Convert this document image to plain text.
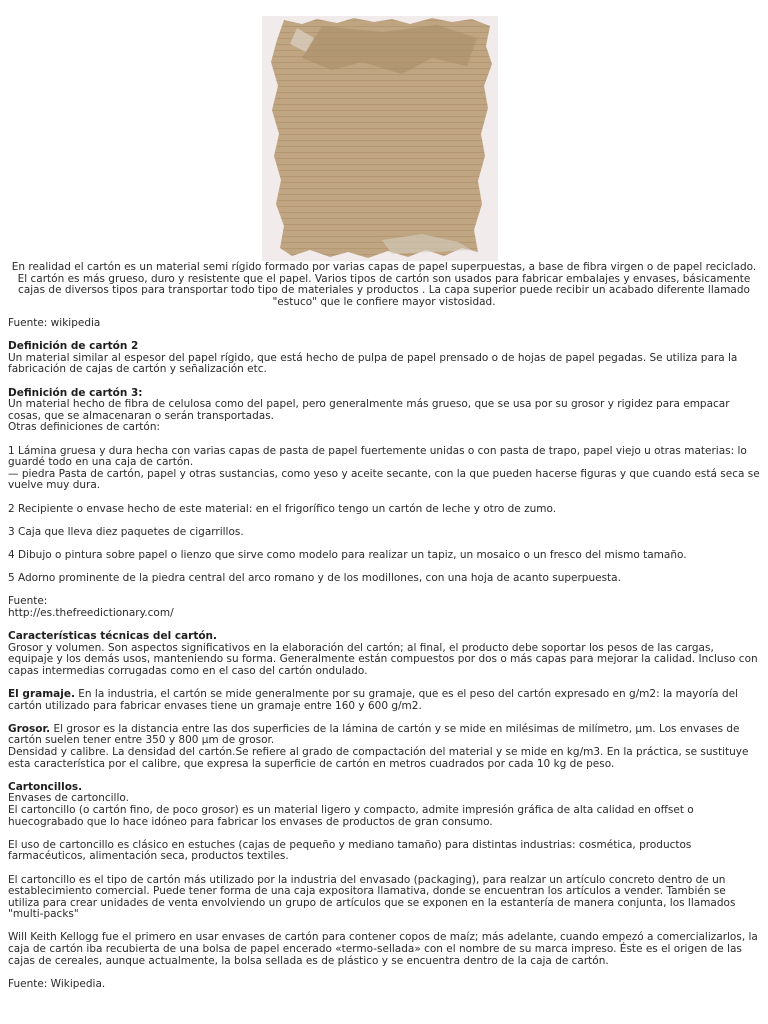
En realidad el cartón es un material semi rígido formado por varias capas de papel superpuestas, a base de fibra virgen o de papel reciclado. El cartón es más grueso, duro y resistente que el papel. Varios tipos de cartón son usados para fabricar embalajes y envases, básicamente cajas de diversos tipos para transportar todo tipo de materiales y productos . La capa superior puede recibir un acabado diferente llamado "estuco" que le confiere mayor vistosidad.

Fuente: wikipedia

Definición de cartón 2

Un material similar al espesor del papel rígido, que está hecho de pulpa de papel prensado o de hojas de papel pegadas. Se utiliza para la fabricación de cajas de cartón y señalización etc.

Definición de cartón 3:

Un material hecho de fibra de celulosa como del papel, pero generalmente más grueso, que se usa por su grosor y rigidez para empacar cosas, que se almacenaran o serán transportadas.
Otras definiciones de cartón:

1 Lámina gruesa y dura hecha con varias capas de pasta de papel fuertemente unidas o con pasta de trapo, papel viejo u otras materias: lo guardé todo en una caja de cartón.
— piedra Pasta de cartón, papel y otras sustancias, como yeso y aceite secante, con la que pueden hacerse figuras y que cuando está seca se vuelve muy dura.

2 Recipiente o envase hecho de este material: en el frigorífico tengo un cartón de leche y otro de zumo.

3 Caja que lleva diez paquetes de cigarrillos.

4 Dibujo o pintura sobre papel o lienzo que sirve como modelo para realizar un tapiz, un mosaico o un fresco del mismo tamaño.

5 Adorno prominente de la piedra central del arco romano y de los modillones, con una hoja de acanto superpuesta.

Fuente:
http://es.thefreedictionary.com/

Características técnicas del cartón.

Grosor y volumen. Son aspectos significativos en la elaboración del cartón; al final, el producto debe soportar los pesos de las cargas, equipaje y los demás usos, manteniendo su forma. Generalmente están compuestos por dos o más capas para mejorar la calidad. Incluso con capas intermedias corrugadas como en el caso del cartón ondulado.

El gramaje. En la industria, el cartón se mide generalmente por su gramaje, que es el peso del cartón expresado en g/m2: la mayoría del cartón utilizado para fabricar envases tiene un gramaje entre 160 y 600 g/m2.

Grosor. El grosor es la distancia entre las dos superficies de la lámina de cartón y se mide en milésimas de milímetro, µm. Los envases de cartón suelen tener entre 350 y 800 µm de grosor.
Densidad y calibre. La densidad del cartón.Se refiere al grado de compactación del material y se mide en kg/m3. En la práctica, se sustituye esta característica por el calibre, que expresa la superficie de cartón en metros cuadrados por cada 10 kg de peso.

Cartoncillos.

Envases de cartoncillo.
El cartoncillo (o cartón fino, de poco grosor) es un material ligero y compacto, admite impresión gráfica de alta calidad en offset o huecograbado que lo hace idóneo para fabricar los envases de productos de gran consumo.

El uso de cartoncillo es clásico en estuches (cajas de pequeño y mediano tamaño) para distintas industrias: cosmética, productos farmacéuticos, alimentación seca, productos textiles.

El cartoncillo es el tipo de cartón más utilizado por la industria del envasado (packaging), para realzar un artículo concreto dentro de un establecimiento comercial. Puede tener forma de una caja expositora llamativa, donde se encuentran los artículos a vender. También se utiliza para crear unidades de venta envolviendo un grupo de artículos que se exponen en la estantería de manera conjunta, los llamados "multi-packs"

Will Keith Kellogg fue el primero en usar envases de cartón para contener copos de maíz; más adelante, cuando empezó a comercializarlos, la caja de cartón iba recubierta de una bolsa de papel encerado «termo-sellada» con el nombre de su marca impreso. Éste es el origen de las cajas de cereales, aunque actualmente, la bolsa sellada es de plástico y se encuentra dentro de la caja de cartón.

Fuente: Wikipedia.
